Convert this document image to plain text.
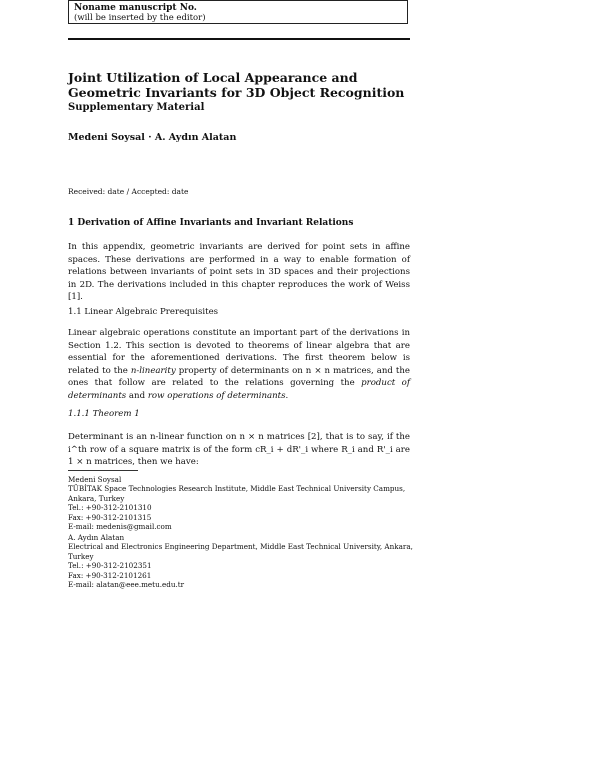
Noname manuscript No.
(will be inserted by the editor)
Joint Utilization of Local Appearance and Geometric Invariants for 3D Object Recognition
Supplementary Material
Medeni Soysal · A. Aydın Alatan
Received: date / Accepted: date
1 Derivation of Affine Invariants and Invariant Relations
In this appendix, geometric invariants are derived for point sets in affine spaces. These derivations are performed in a way to enable formation of relations between invariants of point sets in 3D spaces and their projections in 2D. The derivations included in this chapter reproduces the work of Weiss [1].
1.1 Linear Algebraic Prerequisites
Linear algebraic operations constitute an important part of the derivations in Section 1.2. This section is devoted to theorems of linear algebra that are essential for the aforementioned derivations. The first theorem below is related to the n-linearity property of determinants on n × n matrices, and the ones that follow are related to the relations governing the product of determinants and row operations of determinants.
1.1.1 Theorem 1
Determinant is an n-linear function on n × n matrices [2], that is to say, if the i^th row of a square matrix is of the form cR_i + dR'_i where R_i and R'_i are 1 × n matrices, then we have:
Medeni Soysal
TÜBİTAK Space Technologies Research Institute, Middle East Technical University Campus,
Ankara, Turkey
Tel.: +90-312-2101310
Fax: +90-312-2101315
E-mail: medenis@gmail.com
A. Aydın Alatan
Electrical and Electronics Engineering Department, Middle East Technical University, Ankara,
Turkey
Tel.: +90-312-2102351
Fax: +90-312-2101261
E-mail: alatan@eee.metu.edu.tr
